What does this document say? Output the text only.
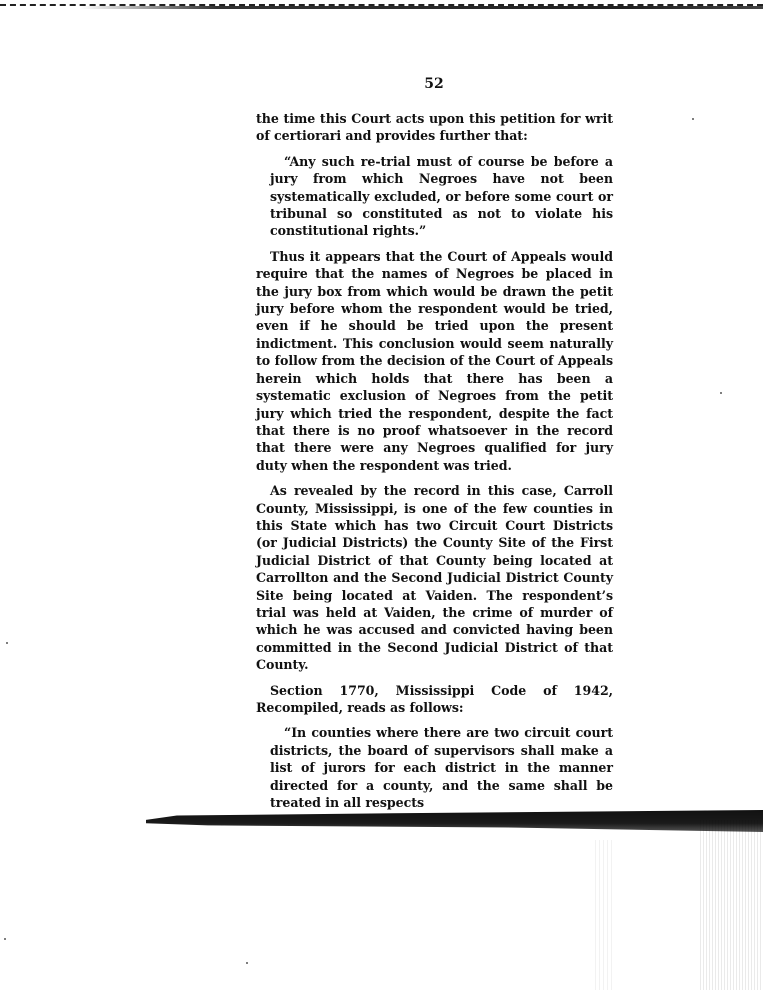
52

the time this Court acts upon this petition for writ of certiorari and provides further that:

“Any such re-trial must of course be before a jury from which Negroes have not been systematically excluded, or before some court or tribunal so constituted as not to violate his constitutional rights.”

Thus it appears that the Court of Appeals would require that the names of Negroes be placed in the jury box from which would be drawn the petit jury before whom the respondent would be tried, even if he should be tried upon the present indictment. This conclusion would seem naturally to follow from the decision of the Court of Appeals herein which holds that there has been a systematic exclusion of Negroes from the petit jury which tried the respondent, despite the fact that there is no proof whatsoever in the record that there were any Negroes qualified for jury duty when the respondent was tried.

As revealed by the record in this case, Carroll County, Mississippi, is one of the few counties in this State which has two Circuit Court Districts (or Judicial Districts) the County Site of the First Judicial District of that County being located at Carrollton and the Second Judicial District County Site being located at Vaiden. The respondent’s trial was held at Vaiden, the crime of murder of which he was accused and convicted having been committed in the Second Judicial District of that County.

Section 1770, Mississippi Code of 1942, Recompiled, reads as follows:

“In counties where there are two circuit court districts, the board of supervisors shall make a list of jurors for each district in the manner directed for a county, and the same shall be treated in all respects
